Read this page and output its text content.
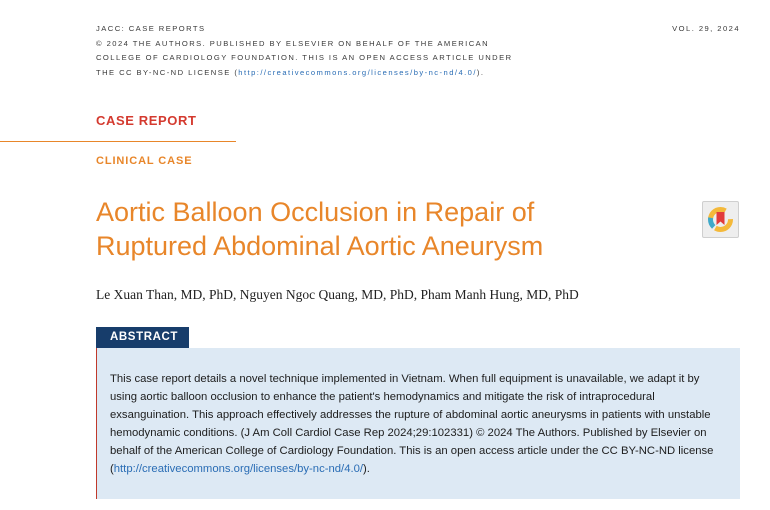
JACC: CASE REPORTS
© 2024 THE AUTHORS. PUBLISHED BY ELSEVIER ON BEHALF OF THE AMERICAN
COLLEGE OF CARDIOLOGY FOUNDATION. THIS IS AN OPEN ACCESS ARTICLE UNDER
THE CC BY-NC-ND LICENSE (http://creativecommons.org/licenses/by-nc-nd/4.0/).
VOL. 29, 2024
CASE REPORT
CLINICAL CASE
Aortic Balloon Occlusion in Repair of
Ruptured Abdominal Aortic Aneurysm
Le Xuan Than, MD, PhD, Nguyen Ngoc Quang, MD, PhD, Pham Manh Hung, MD, PhD
ABSTRACT
This case report details a novel technique implemented in Vietnam. When full equipment is unavailable, we adapt it by using aortic balloon occlusion to enhance the patient's hemodynamics and mitigate the risk of intraprocedural exsanguination. This approach effectively addresses the rupture of abdominal aortic aneurysms in patients with unstable hemodynamic conditions. (J Am Coll Cardiol Case Rep 2024;29:102331) © 2024 The Authors. Published by Elsevier on behalf of the American College of Cardiology Foundation. This is an open access article under the CC BY-NC-ND license (http://creativecommons.org/licenses/by-nc-nd/4.0/).
